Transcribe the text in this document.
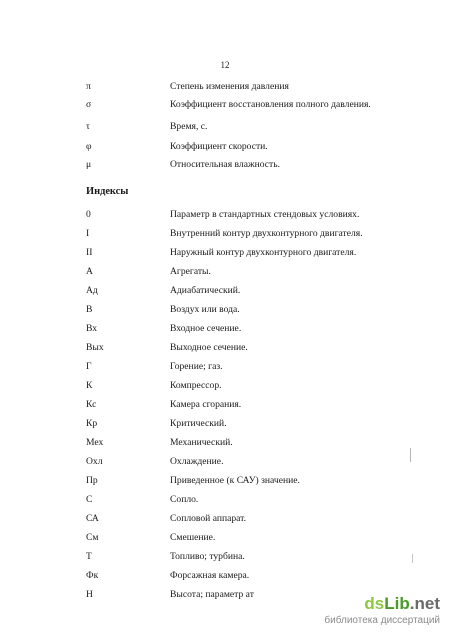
12
π	Степень изменения давления
σ	Коэффициент восстановления полного давления.
τ	Время, с.
φ	Коэффициент скорости.
μ	Относительная влажность.
Индексы
0	Параметр в стандартных стендовых условиях.
I	Внутренний контур двухконтурного двигателя.
II	Наружный контур двухконтурного двигателя.
А	Агрегаты.
Ад	Адиабатический.
В	Воздух или вода.
Вх	Входное сечение.
Вых	Выходное сечение.
Г	Горение; газ.
К	Компрессор.
Кс	Камера сгорания.
Кр	Критический.
Мех	Механический.
Охл	Охлаждение.
Пр	Приведенное (к САУ) значение.
С	Сопло.
СА	Сопловой аппарат.
См	Смешение.
Т	Топливо; турбина.
Фк	Форсажная камера.
Н	Высота; параметр ат	dsLib.net
библиотека диссертаций
